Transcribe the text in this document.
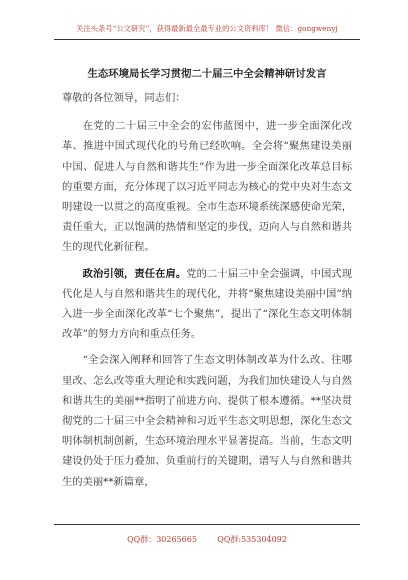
关注头条号“公文研究”，获得最新最全最专业的公文资料库！ 微信：gongwenyj
生态环境局长学习贯彻二十届三中全会精神研讨发言
尊敬的各位领导，同志们：

在党的二十届三中全会的宏伟蓝图中，进一步全面深化改革、推进中国式现代化的号角已经吹响。全会将“聚焦建设美丽中国、促进人与自然和谐共生”作为进一步全面深化改革总目标的重要方面，充分体现了以习近平同志为核心的党中央对生态文明建设一以贯之的高度重视。全市生态环境系统深感使命光荣，责任重大，正以饱满的热情和坚定的步伐，迈向人与自然和谐共生的现代化新征程。

政治引领，责任在肩。党的二十届三中全会强调，中国式现代化是人与自然和谐共生的现代化，并将“聚焦建设美丽中国”纳入进一步全面深化改革“七个聚焦”，提出了“深化生态文明体制改革”的努力方向和重点任务。

“全会深入阐释和回答了生态文明体制改革为什么改、往哪里改、怎么改等重大理论和实践问题，为我们加快建设人与自然和谐共生的美丽**指明了前进方向、提供了根本遵循。**坚决贯彻党的二十届三中全会精神和习近平生态文明思想，深化生态文明体制机制创新，生态环境治理水平显著提高。当前，生态文明建设仍处于压力叠加、负重前行的关键期，谱写人与自然和谐共生的美丽**新篇章，

QQ群：30265665        QQ群:535304092
